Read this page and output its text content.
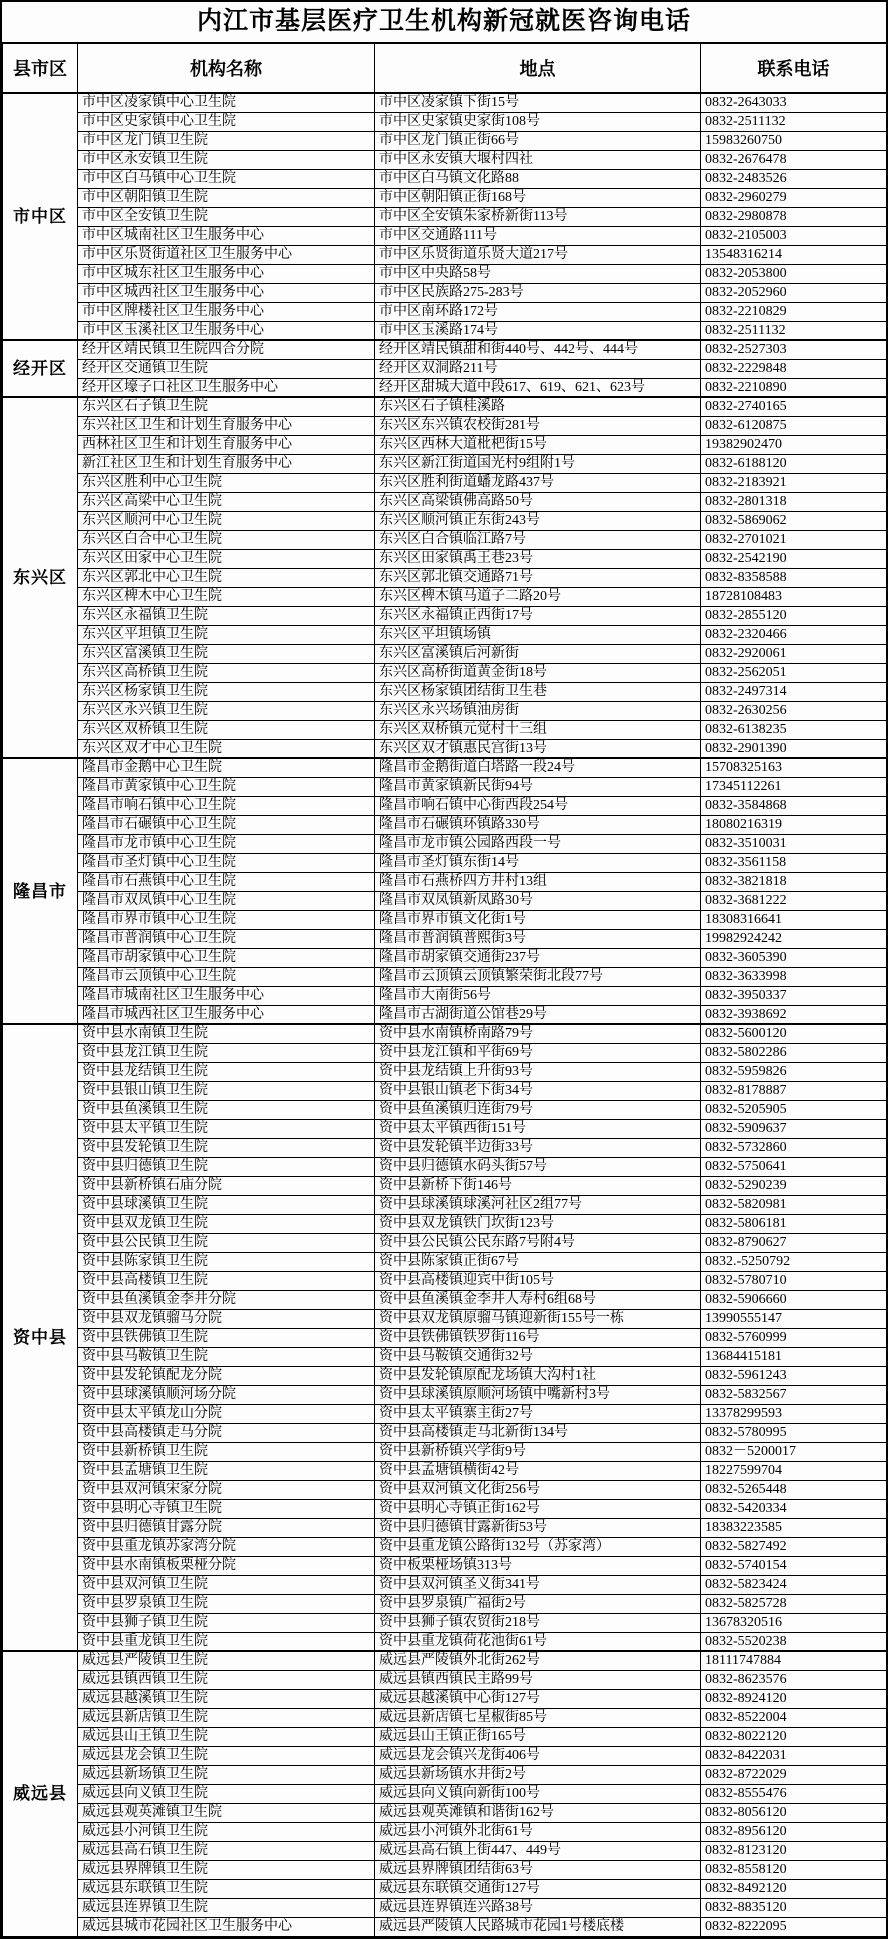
内江市基层医疗卫生机构新冠就医咨询电话
县市区	机构名称	地点	联系电话
市中区	市中区凌家镇中心卫生院	市中区凌家镇下街15号	0832-2643033
	市中区史家镇中心卫生院	市中区史家镇史家街108号	0832-2511132
	市中区龙门镇卫生院	市中区龙门镇正街66号	15983260750
	市中区永安镇卫生院	市中区永安镇大堰村四社	0832-2676478
	市中区白马镇中心卫生院	市中区白马镇文化路88	0832-2483526
	市中区朝阳镇卫生院	市中区朝阳镇正街168号	0832-2960279
	市中区全安镇卫生院	市中区全安镇朱家桥新街113号	0832-2980878
	市中区城南社区卫生服务中心	市中区交通路111号	0832-2105003
	市中区乐贤街道社区卫生服务中心	市中区乐贤街道乐贤大道217号	13548316214
	市中区城东社区卫生服务中心	市中区中央路58号	0832-2053800
	市中区城西社区卫生服务中心	市中区民族路275-283号	0832-2052960
	市中区牌楼社区卫生服务中心	市中区南环路172号	0832-2210829
	市中区玉溪社区卫生服务中心	市中区玉溪路174号	0832-2511132
经开区	经开区靖民镇卫生院四合分院	经开区靖民镇甜和街440号、442号、444号	0832-2527303
	经开区交通镇卫生院	经开区双洞路211号	0832-2229848
	经开区壕子口社区卫生服务中心	经开区甜城大道中段617、619、621、623号	0832-2210890
东兴区	东兴区石子镇卫生院	东兴区石子镇桂溪路	0832-2740165
	东兴社区卫生和计划生育服务中心	东兴区东兴镇农校街281号	0832-6120875
	西林社区卫生和计划生育服务中心	东兴区西林大道枇杷街15号	19382902470
	新江社区卫生和计划生育服务中心	东兴区新江街道国光村9组附1号	0832-6188120
	东兴区胜利中心卫生院	东兴区胜利街道蟠龙路437号	0832-2183921
	东兴区高梁中心卫生院	东兴区高梁镇佛高路50号	0832-2801318
	东兴区顺河中心卫生院	东兴区顺河镇正东街243号	0832-5869062
	东兴区白合中心卫生院	东兴区白合镇临江路7号	0832-2701021
	东兴区田家中心卫生院	东兴区田家镇禹王巷23号	0832-2542190
	东兴区郭北中心卫生院	东兴区郭北镇交通路71号	0832-8358588
	东兴区椑木中心卫生院	东兴区椑木镇马道子二路20号	18728108483
	东兴区永福镇卫生院	东兴区永福镇正西街17号	0832-2855120
	东兴区平坦镇卫生院	东兴区平坦镇场镇	0832-2320466
	东兴区富溪镇卫生院	东兴区富溪镇后河新街	0832-2920061
	东兴区高桥镇卫生院	东兴区高桥街道黄金街18号	0832-2562051
	东兴区杨家镇卫生院	东兴区杨家镇团结街卫生巷	0832-2497314
	东兴区永兴镇卫生院	东兴区永兴场镇油房街	0832-2630256
	东兴区双桥镇卫生院	东兴区双桥镇元觉村十三组	0832-6138235
	东兴区双才中心卫生院	东兴区双才镇惠民宫街13号	0832-2901390
隆昌市	隆昌市金鹅中心卫生院	隆昌市金鹅街道白塔路一段24号	15708325163
	隆昌市黄家镇中心卫生院	隆昌市黄家镇新民街94号	17345112261
	隆昌市响石镇中心卫生院	隆昌市响石镇中心街西段254号	0832-3584868
	隆昌市石碾镇中心卫生院	隆昌市石碾镇环镇路330号	18080216319
	隆昌市龙市镇中心卫生院	隆昌市龙市镇公园路西段一号	0832-3510031
	隆昌市圣灯镇中心卫生院	隆昌市圣灯镇东街14号	0832-3561158
	隆昌市石燕镇中心卫生院	隆昌市石燕桥四方井村13组	0832-3821818
	隆昌市双凤镇中心卫生院	隆昌市双凤镇新凤路30号	0832-3681222
	隆昌市界市镇中心卫生院	隆昌市界市镇文化街1号	18308316641
	隆昌市普润镇中心卫生院	隆昌市普润镇普熙街3号	19982924242
	隆昌市胡家镇中心卫生院	隆昌市胡家镇交通街237号	0832-3605390
	隆昌市云顶镇中心卫生院	隆昌市云顶镇云顶镇繁荣街北段77号	0832-3633998
	隆昌市城南社区卫生服务中心	隆昌市大南街56号	0832-3950337
	隆昌市城西社区卫生服务中心	隆昌市古湖街道公馆巷29号	0832-3938692
资中县	资中县水南镇卫生院	资中县水南镇桥南路79号	0832-5600120
	资中县龙江镇卫生院	资中县龙江镇和平街69号	0832-5802286
	资中县龙结镇卫生院	资中县龙结镇上升街93号	0832-5959826
	资中县银山镇卫生院	资中县银山镇老下街34号	0832-8178887
	资中县鱼溪镇卫生院	资中县鱼溪镇归连街79号	0832-5205905
	资中县太平镇卫生院	资中县太平镇西街151号	0832-5909637
	资中县发轮镇卫生院	资中县发轮镇半边街33号	0832-5732860
	资中县归德镇卫生院	资中县归德镇水码头街57号	0832-5750641
	资中县新桥镇石庙分院	资中县新桥下街146号	0832-5290239
	资中县球溪镇卫生院	资中县球溪镇球溪河社区2组77号	0832-5820981
	资中县双龙镇卫生院	资中县双龙镇铁门坎街123号	0832-5806181
	资中县公民镇卫生院	资中县公民镇公民东路7号附4号	0832-8790627
	资中县陈家镇卫生院	资中县陈家镇正街67号	0832.-5250792
	资中县高楼镇卫生院	资中县高楼镇迎宾中街105号	0832-5780710
	资中县鱼溪镇金李井分院	资中县鱼溪镇金李井人寿村6组68号	0832-5906660
	资中县双龙镇骝马分院	资中县双龙镇原骝马镇迎新街155号一栋	13990555147
	资中县铁佛镇卫生院	资中县铁佛镇铁罗街116号	0832-5760999
	资中县马鞍镇卫生院	资中县马鞍镇交通街32号	13684415181
	资中县发轮镇配龙分院	资中县发轮镇原配龙场镇大沟村1社	0832-5961243
	资中县球溪镇顺河场分院	资中县球溪镇原顺河场镇中嘴新村3号	0832-5832567
	资中县太平镇龙山分院	资中县太平镇寨主街27号	13378299593
	资中县高楼镇走马分院	资中县高楼镇走马北新街134号	0832-5780995
	资中县新桥镇卫生院	资中县新桥镇兴学街9号	0832－5200017
	资中县孟塘镇卫生院	资中县孟塘镇横街42号	18227599704
	资中县双河镇宋家分院	资中县双河镇文化街256号	0832-5265448
	资中县明心寺镇卫生院	资中县明心寺镇正街162号	0832-5420334
	资中县归德镇甘露分院	资中县归德镇甘露新街53号	18383223585
	资中县重龙镇苏家湾分院	资中县重龙镇公路街132号（苏家湾）	0832-5827492
	资中县水南镇板栗桠分院	资中板栗桠场镇313号	0832-5740154
	资中县双河镇卫生院	资中县双河镇圣义街341号	0832-5823424
	资中县罗泉镇卫生院	资中县罗泉镇广福街2号	0832-5825728
	资中县狮子镇卫生院	资中县狮子镇农贸街218号	13678320516
	资中县重龙镇卫生院	资中县重龙镇荷花池街61号	0832-5520238
威远县	威远县严陵镇卫生院	威远县严陵镇外北街262号	18111747884
	威远县镇西镇卫生院	威远县镇西镇民主路99号	0832-8623576
	威远县越溪镇卫生院	威远县越溪镇中心街127号	0832-8924120
	威远县新店镇卫生院	威远县新店镇七星椒街85号	0832-8522004
	威远县山王镇卫生院	威远县山王镇正街165号	0832-8022120
	威远县龙会镇卫生院	威远县龙会镇兴龙街406号	0832-8422031
	威远县新场镇卫生院	威远县新场镇水井街2号	0832-8722029
	威远县向义镇卫生院	威远县向义镇向新街100号	0832-8555476
	威远县观英滩镇卫生院	威远县观英滩镇和谐街162号	0832-8056120
	威远县小河镇卫生院	威远县小河镇外北街61号	0832-8956120
	威远县高石镇卫生院	威远县高石镇上街447、449号	0832-8123120
	威远县界牌镇卫生院	威远县界牌镇团结街63号	0832-8558120
	威远县东联镇卫生院	威远县东联镇交通街127号	0832-8492120
	威远县连界镇卫生院	威远县连界镇连兴路38号	0832-8835120
	威远县城市花园社区卫生服务中心	威远县严陵镇人民路城市花园1号楼底楼	0832-8222095
